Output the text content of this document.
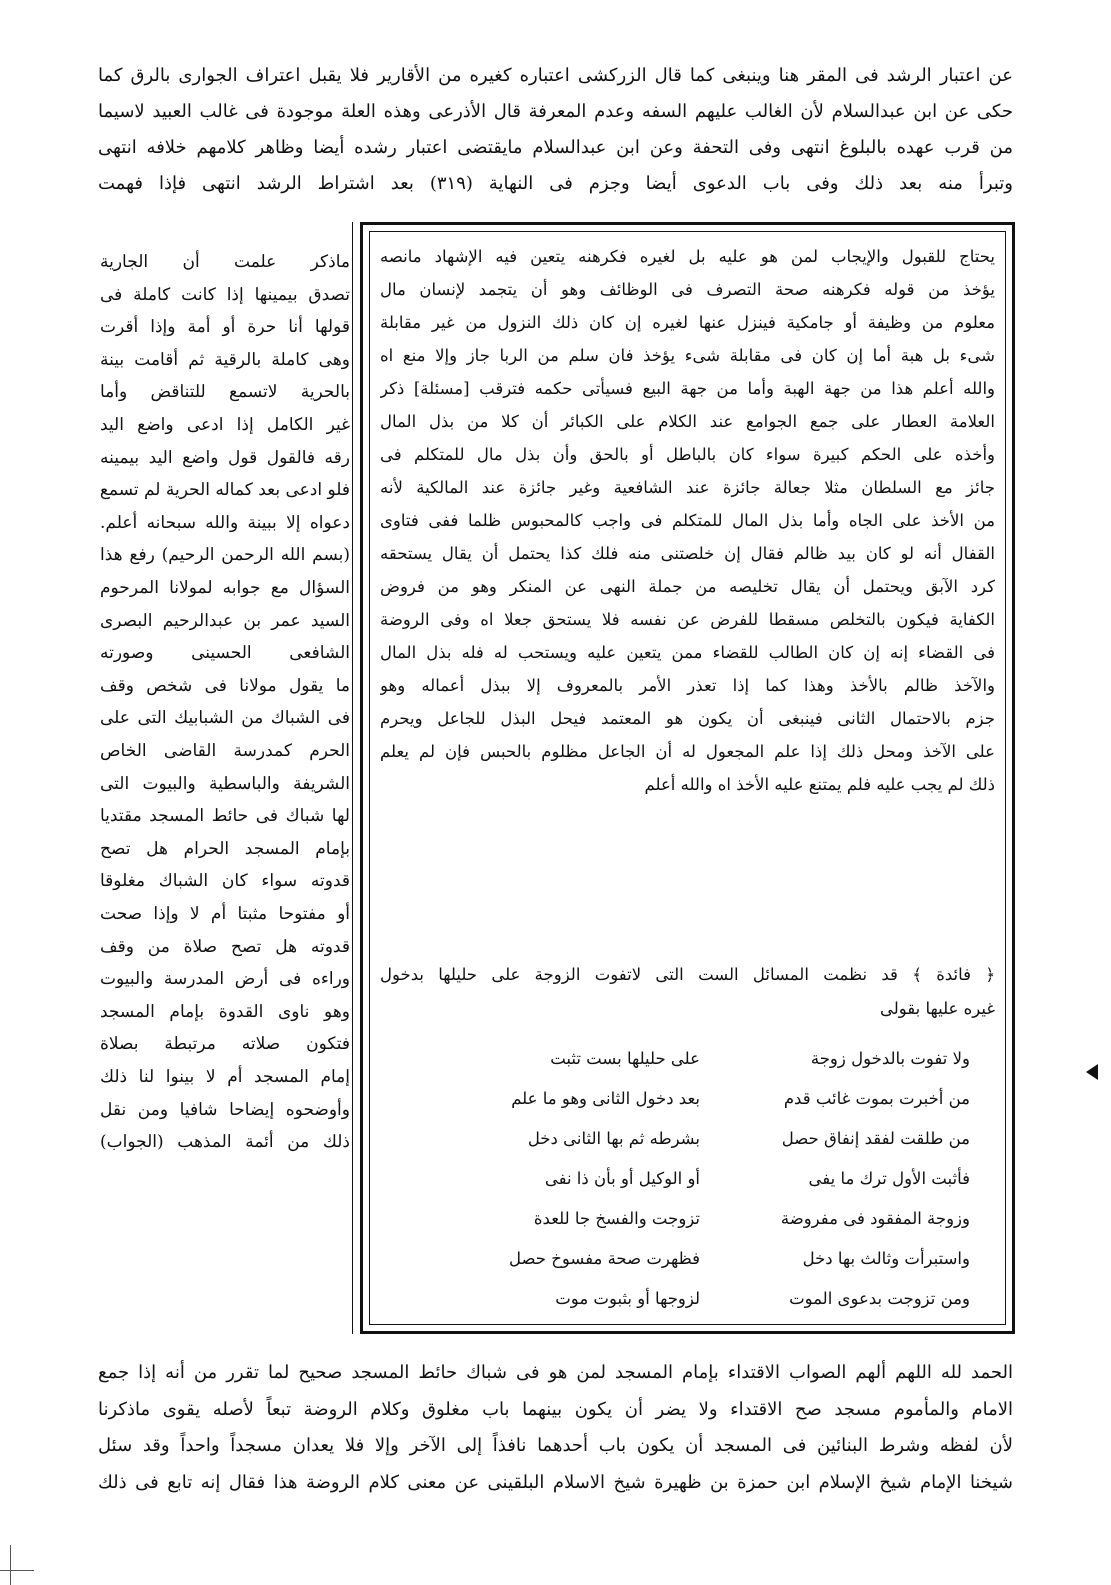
عن اعتبار الرشد فى المقر هنا وينبغى كما قال الزركشى اعتباره كغيره من الأقارير فلا يقبل اعتراف الجوارى بالرق كما
حكى عن ابن عبدالسلام لأن الغالب عليهم السفه وعدم المعرفة قال الأذرعى وهذه العلة موجودة فى غالب العبيد لاسيما
من قرب عهده بالبلوغ انتهى وفى التحفة وعن ابن عبدالسلام مايقتضى اعتبار رشده أيضا وظاهر كلامهم خلافه انتهى
وتبرأ منه بعد ذلك وفى باب الدعوى أيضا وجزم فى النهاية (٣١٩) بعد اشتراط الرشد انتهى فإذا فهمت
ماذكر علمت أن الجارية
تصدق بيمينها إذا كانت كاملة فى
قولها أنا حرة أو أمة وإذا أقرت
وهى كاملة بالرقية ثم أقامت بينة
بالحرية لاتسمع للتناقض وأما
غير الكامل إذا ادعى واضع اليد
رقه فالقول قول واضع اليد بيمينه
فلو ادعى بعد كماله الحرية لم تسمع
دعواه إلا ببينة والله سبحانه أعلم.
(بسم الله الرحمن الرحيم) رفع هذا
السؤال مع جوابه لمولانا المرحوم
السيد عمر بن عبدالرحيم البصرى
الشافعى الحسينى وصورته
ما يقول مولانا فى شخص وقف
فى الشباك من الشبابيك التى على
الحرم كمدرسة القاضى الخاص
الشريفة والباسطية والبيوت التى
لها شباك فى حائط المسجد مقتديا
بإمام المسجد الحرام هل تصح
قدوته سواء كان الشباك مغلوقا
أو مفتوحا مثبتا أم لا وإذا صحت
قدوته هل تصح صلاة من وقف
وراءه فى أرض المدرسة والبيوت
وهو ناوى القدوة بإمام المسجد
فتكون صلاته مرتبطة بصلاة
إمام المسجد أم لا بينوا لنا ذلك
وأوضحوه إيضاحا شافيا ومن نقل
ذلك من أئمة المذهب (الجواب)
يحتاج للقبول والإيجاب لمن هو عليه بل لغيره فكرهنه يتعين فيه الإشهاد مانصه
يؤخذ من قوله فكرهنه صحة التصرف فى الوظائف وهو أن يتجمد لإنسان مال
معلوم من وظيفة أو جامكية فينزل عنها لغيره إن كان ذلك النزول من غير مقابلة
شىء بل هبة أما إن كان فى مقابلة شىء يؤخذ فان سلم من الربا جاز وإلا منع اه
والله أعلم هذا من جهة الهبة وأما من جهة البيع فسيأتى حكمه فترقب [مسئلة] ذكر
العلامة العطار على جمع الجوامع عند الكلام على الكبائر أن كلا من بذل المال
وأخذه على الحكم كبيرة سواء كان بالباطل أو بالحق وأن بذل مال للمتكلم فى
جائز مع السلطان مثلا جعالة جائزة عند الشافعية وغير جائزة عند المالكية لأنه
من الأخذ على الجاه وأما بذل المال للمتكلم فى واجب كالمحبوس ظلما ففى فتاوى
القفال أنه لو كان بيد ظالم فقال إن خلصتنى منه فلك كذا يحتمل أن يقال يستحقه
كرد الآبق ويحتمل أن يقال تخليصه من جملة النهى عن المنكر وهو من فروض
الكفاية فيكون بالتخلص مسقطا للفرض عن نفسه فلا يستحق جعلا اه وفى الروضة
فى القضاء إنه إن كان الطالب للقضاء ممن يتعين عليه ويستحب له فله بذل المال
والآخذ ظالم بالأخذ وهذا كما إذا تعذر الأمر بالمعروف إلا ببذل أعماله وهو
جزم بالاحتمال الثانى فينبغى أن يكون هو المعتمد فيحل البذل للجاعل ويحرم
على الآخذ ومحل ذلك إذا علم المجعول له أن الجاعل مظلوم بالحبس فإن لم يعلم
ذلك لم يجب عليه فلم يمتنع عليه الأخذ اه والله أعلم
﴿ فائدة ﴾ قد نظمت المسائل الست التى لاتفوت الزوجة على حليلها بدخول
غيره عليها بقولى
ولا تفوت بالدخول زوجة
على حليلها بست تثبت
من أخبرت بموت غائب قدم
بعد دخول الثانى وهو ما علم
من طلقت لفقد إنفاق حصل
بشرطه ثم بها الثانى دخل
فأثبت الأول ترك ما يفى
أو الوكيل أو بأن ذا نفى
وزوجة المفقود فى مفروضة
تزوجت والفسخ جا للعدة
واستبرأت وثالث بها دخل
فظهرت صحة مفسوخ حصل
ومن تزوجت بدعوى الموت
لزوجها أو بثبوت موت
الحمد لله اللهم ألهم الصواب الاقتداء بإمام المسجد لمن هو فى شباك حائط المسجد صحيح لما تقرر من أنه إذا جمع
الامام والمأموم مسجد صح الاقتداء ولا يضر أن يكون بينهما باب مغلوق وكلام الروضة تبعاً لأصله يقوى ماذكرنا
لأن لفظه وشرط البنائين فى المسجد أن يكون باب أحدهما نافذاً إلى الآخر وإلا فلا يعدان مسجداً واحداً وقد سئل
شيخنا الإمام شيخ الإسلام ابن حمزة بن ظهيرة شيخ الاسلام البلقينى عن معنى كلام الروضة هذا فقال إنه تابع فى ذلك
